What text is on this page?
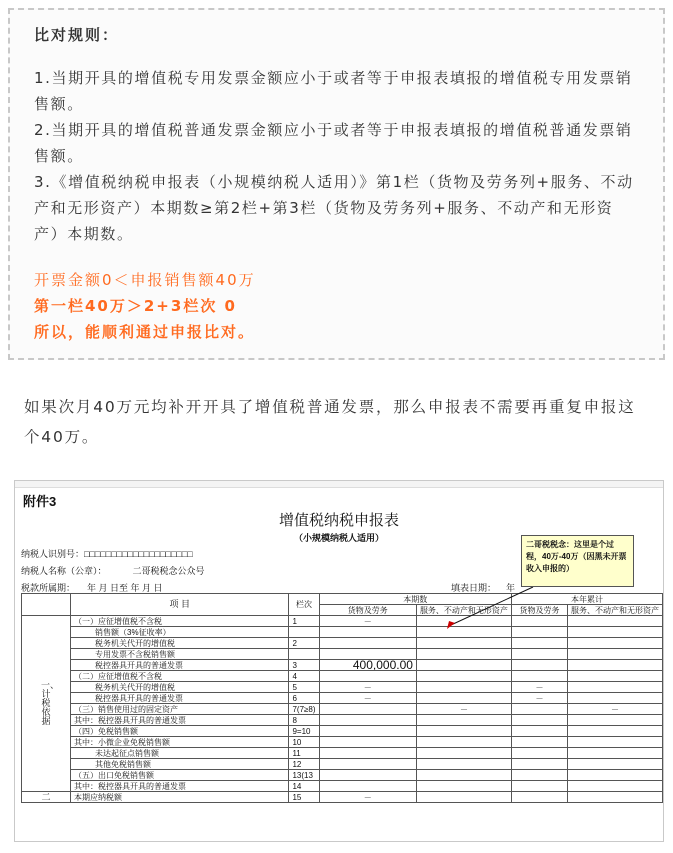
比对规则：

1.当期开具的增值税专用发票金额应小于或者等于申报表填报的增值税专用发票销售额。

2.当期开具的增值税普通发票金额应小于或者等于申报表填报的增值税普通发票销售额。

3.《增值税纳税申报表（小规模纳税人适用）》第1栏（货物及劳务列+服务、不动产和无形资产）本期数≥第2栏+第3栏（货物及劳务列+服务、不动产和无形资产）本期数。

开票金额0＜申报销售额40万

第一栏40万＞2+3栏次 0

所以，能顺利通过申报比对。

如果次月40万元均补开开具了增值税普通发票，那么申报表不需要再重复申报这个40万。

附件3
增值税纳税申报表
（小规模纳税人适用）
纳税人识别号：□□□□□□□□□□□□□□□□□□□□
纳税人名称（公章）：	二哥税税念公众号
税款所属期： 年 月 日至 年 月 日	填表日期： 年
	项 目	栏次	本期数		本年累计	
			货物及劳务	服务、不动产和无形资产	货物及劳务	服务、不动产和无形资产
一、计税依据	（一）应征增值税不含税	1	－			
	销售额（3%征收率）					
	税务机关代开的增值税	2				
	专用发票不含税销售额					
	税控器具开具的普通发票	3	400,000.00			
	（二）应征增值税不含税	4				
	税务机关代开的增值税	5	－		－	
	税控器具开具的普通发票	6	－		－	
	（三）销售使用过的固定资产	7(7≥8)		－		－
	其中：税控器具开具的普通发票	8				
	（四）免税销售额	9=10				
	其中：小微企业免税销售额	10				
	未达起征点销售额	11				
	其他免税销售额	12				
	（五）出口免税销售额	13(13				
	其中：税控器具开具的普通发票	14				
二	本期应纳税额	15	－			
二哥税税念：这里是个过程，40万-40万（因黑未开票收入申报的）
